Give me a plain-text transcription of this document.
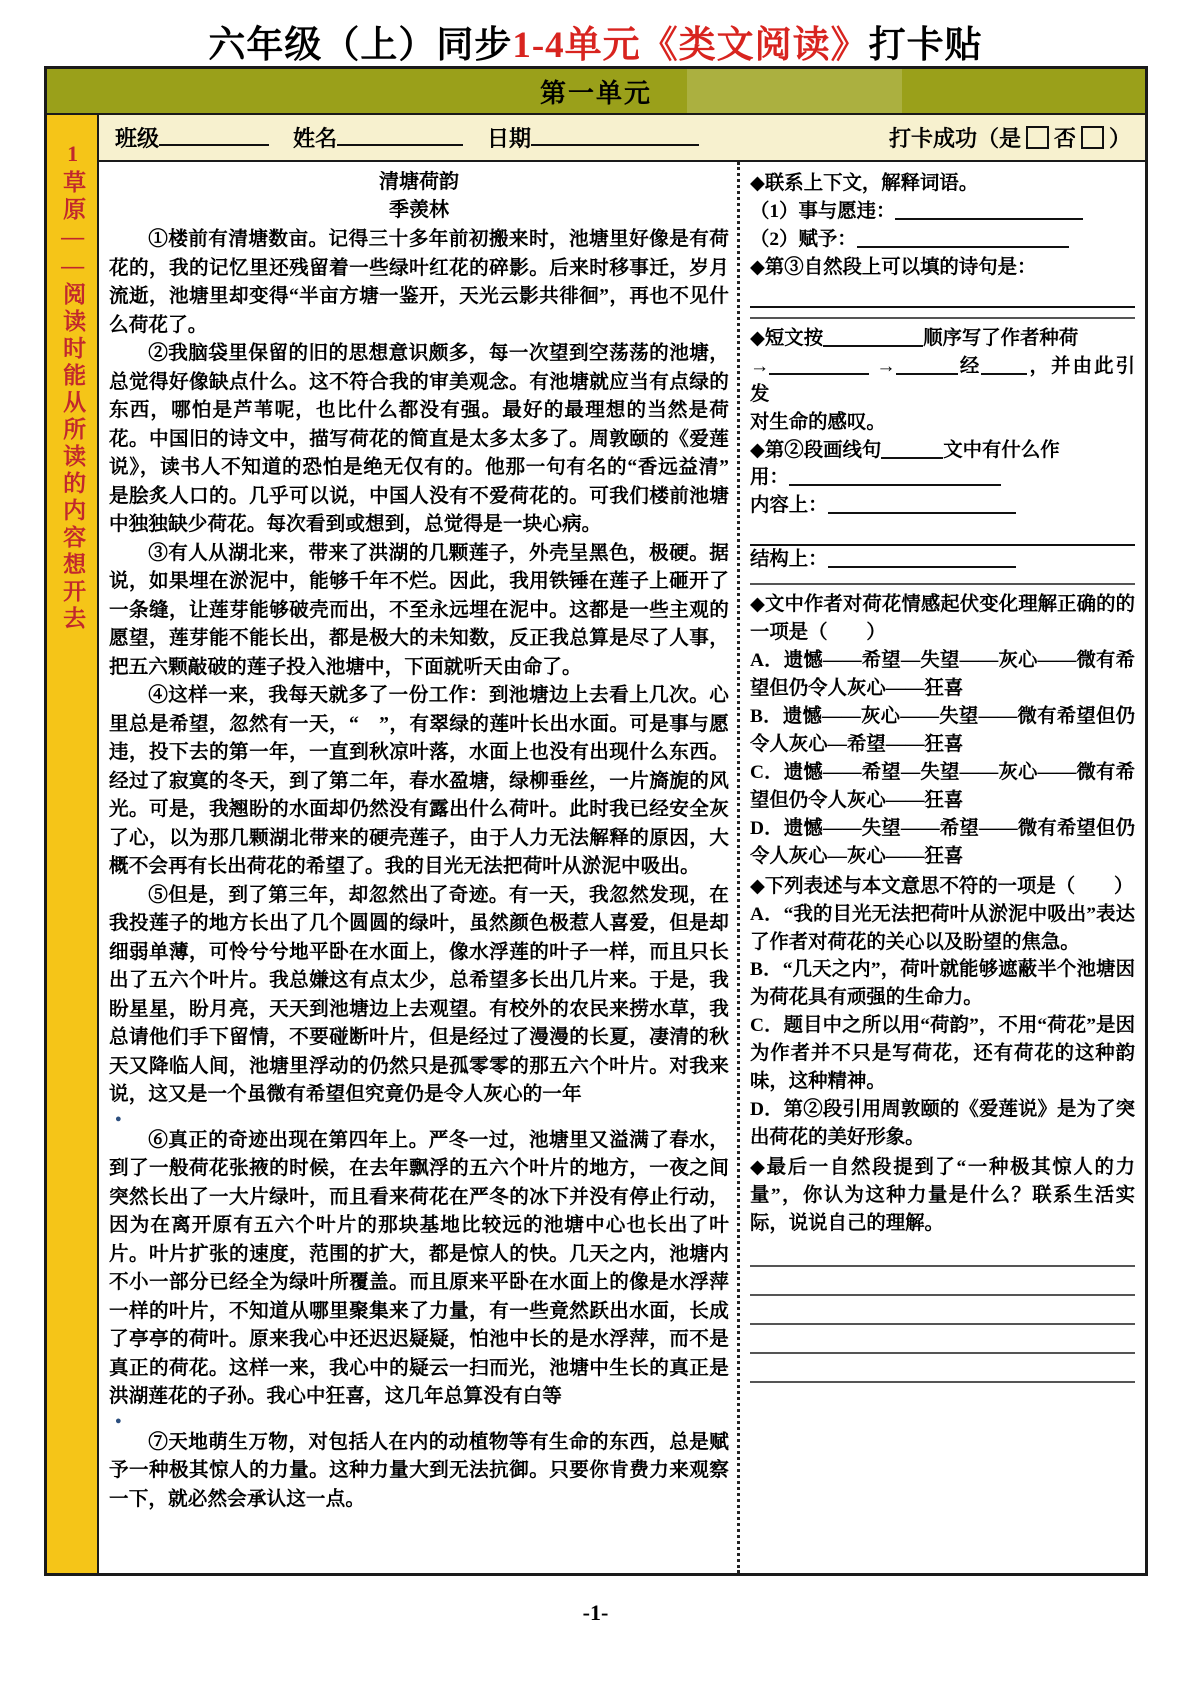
六年级（上）同步1-4单元《类文阅读》打卡贴
第一单元
1草原——阅读时能从所读的内容想开去
班级	姓名	日期	打卡成功（是 否 ）
清塘荷韵
季羡林

①楼前有清塘数亩。记得三十多年前初搬来时，池塘里好像是有荷花的，我的记忆里还残留着一些绿叶红花的碎影。后来时移事迁，岁月流逝，池塘里却变得“半亩方塘一鉴开，天光云影共徘徊”，再也不见什么荷花了。

②我脑袋里保留的旧的思想意识颇多，每一次望到空荡荡的池塘，总觉得好像缺点什么。这不符合我的审美观念。有池塘就应当有点绿的东西，哪怕是芦苇呢，也比什么都没有强。最好的最理想的当然是荷花。中国旧的诗文中，描写荷花的简直是太多太多了。周敦颐的《爱莲说》，读书人不知道的恐怕是绝无仅有的。他那一句有名的“香远益清”是脍炙人口的。几乎可以说，中国人没有不爱荷花的。可我们楼前池塘中独独缺少荷花。每次看到或想到，总觉得是一块心病。

③有人从湖北来，带来了洪湖的几颗莲子，外壳呈黑色，极硬。据说，如果埋在淤泥中，能够千年不烂。因此，我用铁锤在莲子上砸开了一条缝，让莲芽能够破壳而出，不至永远埋在泥中。这都是一些主观的愿望，莲芽能不能长出，都是极大的未知数，反正我总算是尽了人事，把五六颗敲破的莲子投入池塘中，下面就听天由命了。

④这样一来，我每天就多了一份工作：到池塘边上去看上几次。心里总是希望，忽然有一天，“　”，有翠绿的莲叶长出水面。可是事与愿违，投下去的第一年，一直到秋凉叶落，水面上也没有出现什么东西。经过了寂寞的冬天，到了第二年，春水盈塘，绿柳垂丝，一片旖旎的风光。可是，我翘盼的水面却仍然没有露出什么荷叶。此时我已经安全灰了心，以为那几颗湖北带来的硬壳莲子，由于人力无法解释的原因，大概不会再有长出荷花的希望了。我的目光无法把荷叶从淤泥中吸出。

⑤但是，到了第三年，却忽然出了奇迹。有一天，我忽然发现，在我投莲子的地方长出了几个圆圆的绿叶，虽然颜色极惹人喜爱，但是却细弱单薄，可怜兮兮地平卧在水面上，像水浮莲的叶子一样，而且只长出了五六个叶片。我总嫌这有点太少，总希望多长出几片来。于是，我盼星星，盼月亮，天天到池塘边上去观望。有校外的农民来捞水草，我总请他们手下留情，不要碰断叶片，但是经过了漫漫的长夏，凄清的秋天又降临人间，池塘里浮动的仍然只是孤零零的那五六个叶片。对我来说，这又是一个虽微有希望但究竟仍是令人灰心的一年

●

⑥真正的奇迹出现在第四年上。严冬一过，池塘里又溢满了春水，到了一般荷花张掖的时候，在去年飘浮的五六个叶片的地方，一夜之间突然长出了一大片绿叶，而且看来荷花在严冬的冰下并没有停止行动，因为在离开原有五六个叶片的那块基地比较远的池塘中心也长出了叶片。叶片扩张的速度，范围的扩大，都是惊人的快。几天之内，池塘内不小一部分已经全为绿叶所覆盖。而且原来平卧在水面上的像是水浮萍一样的叶片，不知道从哪里聚集来了力量，有一些竟然跃出水面，长成了亭亭的荷叶。原来我心中还迟迟疑疑，怕池中长的是水浮萍，而不是真正的荷花。这样一来，我心中的疑云一扫而光，池塘中生长的真正是洪湖莲花的子孙。我心中狂喜，这几年总算没有白等

●

⑦天地萌生万物，对包括人在内的动植物等有生命的东西，总是赋予一种极其惊人的力量。这种力量大到无法抗御。只要你肯费力来观察一下，就必然会承认这一点。

◆联系上下文，解释词语。

（1）事与愿违：

（2）赋予：

◆第③自然段上可以填的诗句是：

◆短文按	顺序写了作者种荷

→	→	经 ，并由此引发

对生命的感叹。

◆第②段画线句	文中有什么作

用：

内容上：

结构上：

◆文中作者对荷花情感起伏变化理解正确的的一项是（　　）

A．遗憾——希望—失望——灰心——微有希望但仍令人灰心——狂喜

B．遗憾——灰心——失望——微有希望但仍令人灰心—希望——狂喜

C．遗憾——希望—失望——灰心——微有希望但仍令人灰心——狂喜

D．遗憾——失望——希望——微有希望但仍令人灰心—灰心——狂喜

◆下列表述与本文意思不符的一项是（　　）

A．“我的目光无法把荷叶从淤泥中吸出”表达了作者对荷花的关心以及盼望的焦急。

B．“几天之内”，荷叶就能够遮蔽半个池塘因为荷花具有顽强的生命力。

C．题目中之所以用“荷韵”，不用“荷花”是因为作者并不只是写荷花，还有荷花的这种韵味，这种精神。

D．第②段引用周敦颐的《爱莲说》是为了突出荷花的美好形象。

◆最后一自然段提到了“一种极其惊人的力量”，你认为这种力量是什么？联系生活实际，说说自己的理解。

-1-
